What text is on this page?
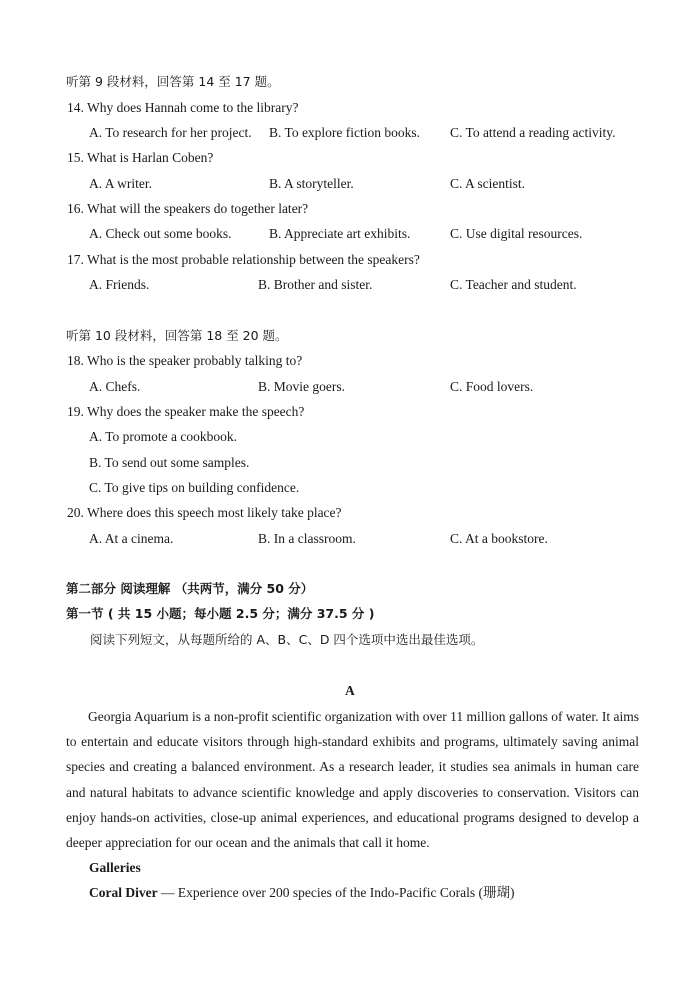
听第 9 段材料，回答第 14 至 17 题。
14. Why does Hannah come to the library?
A. To research for her project. B. To explore fiction books. C. To attend a reading activity.
15. What is Harlan Coben?
A. A writer.	B. A storyteller.	C. A scientist.
16. What will the speakers do together later?
A. Check out some books.	B. Appreciate art exhibits.	C. Use digital resources.
17. What is the most probable relationship between the speakers?
A. Friends.	B. Brother and sister.	C. Teacher and student.
听第 10 段材料，回答第 18 至 20 题。
18. Who is the speaker probably talking to?
A. Chefs.	B. Movie goers.	C. Food lovers.
19. Why does the speaker make the speech?
A. To promote a cookbook.
B. To send out some samples.
C. To give tips on building confidence.
20. Where does this speech most likely take place?
A. At a cinema.	B. In a classroom.	C. At a bookstore.
第二部分 阅读理解 （共两节，满分 50 分）
第一节 ( 共 15 小题；每小题 2.5 分；满分 37.5 分 )
阅读下列短文，从每题所给的 A、B、C、D 四个选项中选出最佳选项。
A
Georgia Aquarium is a non-profit scientific organization with over 11 million gallons of water. It aims to entertain and educate visitors through high-standard exhibits and programs, ultimately saving animal species and creating a balanced environment. As a research leader, it studies sea animals in human care and natural habitats to advance scientific knowledge and apply discoveries to conservation. Visitors can enjoy hands-on activities, close-up animal experiences, and educational programs designed to develop a deeper appreciation for our ocean and the animals that call it home.
Galleries
Coral Diver — Experience over 200 species of the Indo-Pacific Corals (珊瑚)
